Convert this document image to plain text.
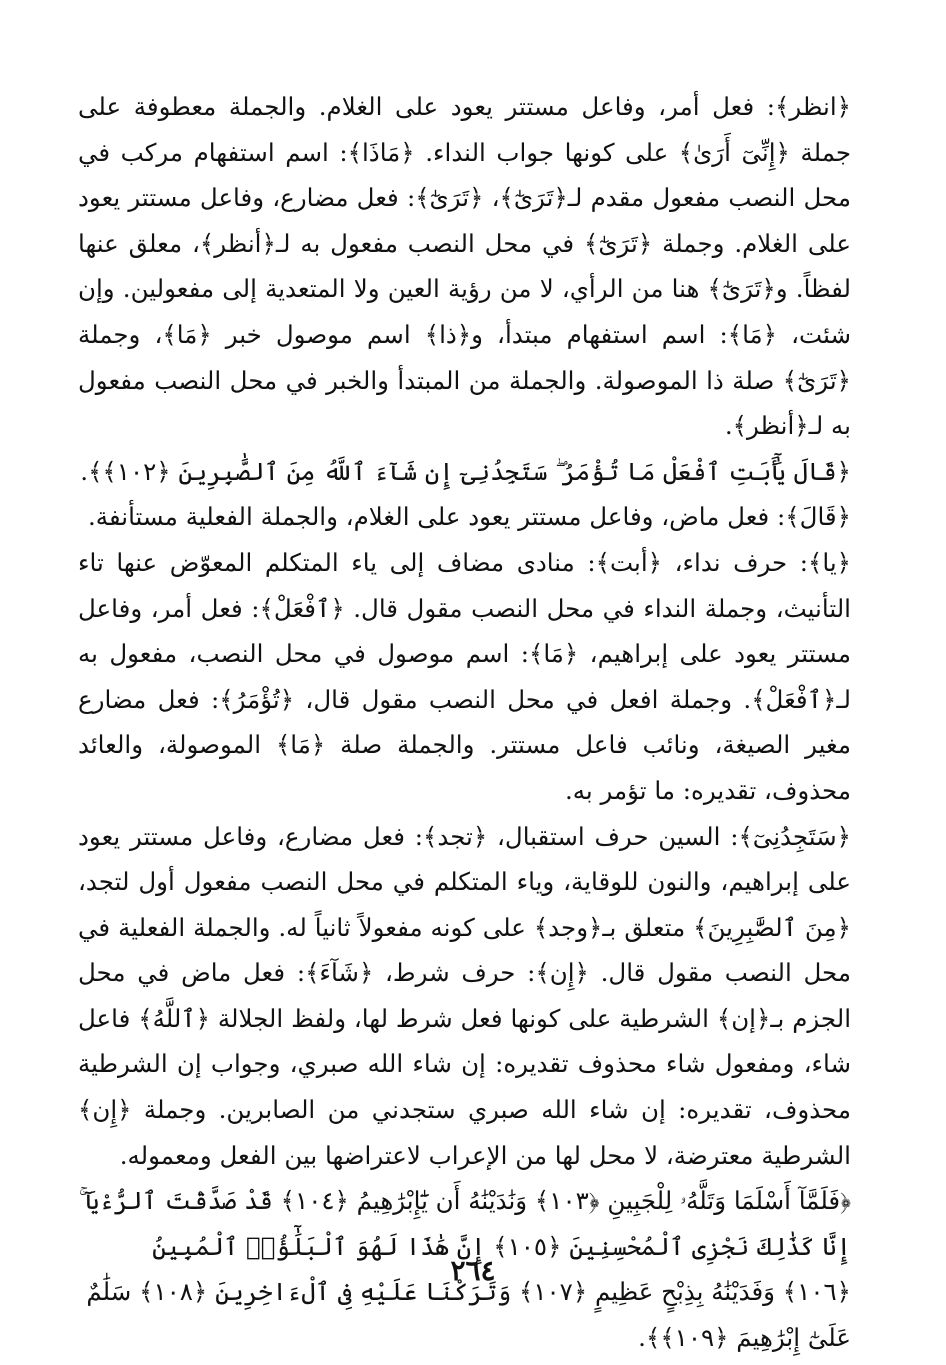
﴿انظر﴾: فعل أمر، وفاعل مستتر يعود على الغلام. والجملة معطوفة على جملة ﴿إِنِّىٓ أَرَىٰ﴾ على كونها جواب النداء. ﴿مَاذَا﴾: اسم استفهام مركب في محل النصب مفعول مقدم لـ﴿تَرَىٰٓ﴾، ﴿تَرَىٰٓ﴾: فعل مضارع، وفاعل مستتر يعود على الغلام. وجملة ﴿تَرَىٰٓ﴾ في محل النصب مفعول به لـ﴿أنظر﴾، معلق عنها لفظاً. و﴿تَرَىٰٓ﴾ هنا من الرأي، لا من رؤية العين ولا المتعدية إلى مفعولين. وإن شئت، ﴿مَا﴾: اسم استفهام مبتدأ، و﴿ذا﴾ اسم موصول خبر ﴿مَا﴾، وجملة ﴿تَرَىٰٓ﴾ صلة ذا الموصولة. والجملة من المبتدأ والخبر في محل النصب مفعول به لـ﴿أنظر﴾.

﴿قَالَ يَٰٓأَبَتِ ٱفْعَلْ مَا تُؤْمَرُ ۖ سَتَجِدُنِىٓ إِن شَآءَ ٱللَّهُ مِنَ ٱلصَّٰبِرِينَ ﴿١٠٢﴾﴾.

﴿قَالَ﴾: فعل ماض، وفاعل مستتر يعود على الغلام، والجملة الفعلية مستأنفة.

﴿يا﴾: حرف نداء، ﴿أبت﴾: منادى مضاف إلى ياء المتكلم المعوّض عنها تاء التأنيث، وجملة النداء في محل النصب مقول قال. ﴿ٱفْعَلْ﴾: فعل أمر، وفاعل مستتر يعود على إبراهيم، ﴿مَا﴾: اسم موصول في محل النصب، مفعول به لـ﴿ٱفْعَلْ﴾. وجملة افعل في محل النصب مقول قال، ﴿تُؤْمَرُ﴾: فعل مضارع مغير الصيغة، ونائب فاعل مستتر. والجملة صلة ﴿مَا﴾ الموصولة، والعائد محذوف، تقديره: ما تؤمر به.

﴿سَتَجِدُنِىٓ﴾: السين حرف استقبال، ﴿تجد﴾: فعل مضارع، وفاعل مستتر يعود على إبراهيم، والنون للوقاية، وياء المتكلم في محل النصب مفعول أول لتجد، ﴿مِنَ ٱلصَّٰبِرِينَ﴾ متعلق بـ﴿وجد﴾ على كونه مفعولاً ثانياً له. والجملة الفعلية في محل النصب مقول قال. ﴿إِن﴾: حرف شرط، ﴿شَآءَ﴾: فعل ماض في محل الجزم بـ﴿إن﴾ الشرطية على كونها فعل شرط لها، ولفظ الجلالة ﴿ٱللَّهُ﴾ فاعل شاء، ومفعول شاء محذوف تقديره: إن شاء الله صبري، وجواب إن الشرطية محذوف، تقديره: إن شاء الله صبري ستجدني من الصابرين. وجملة ﴿إِن﴾ الشرطية معترضة، لا محل لها من الإعراب لاعتراضها بين الفعل ومعموله.

﴿فَلَمَّآ أَسْلَمَا وَتَلَّهُۥ لِلْجَبِينِ ﴿١٠٣﴾ وَنَٰدَيْنَٰهُ أَن يَٰٓإِبْرَٰهِيمُ ﴿١٠٤﴾ قَدْ صَدَّقْتَ ٱلرُّءْيَآ ۚ إِنَّا كَذَٰلِكَ نَجْزِى ٱلْمُحْسِنِينَ ﴿١٠٥﴾ إِنَّ هَٰذَا لَهُوَ ٱلْبَلَٰٓؤُا۟ ٱلْمُبِينُ ﴿١٠٦﴾ وَفَدَيْنَٰهُ بِذِبْحٍ عَظِيمٍ ﴿١٠٧﴾ وَتَرَكْنَا عَلَيْهِ فِى ٱلْءَاخِرِينَ ﴿١٠٨﴾ سَلَٰمٌ عَلَىٰٓ إِبْرَٰهِيمَ ﴿١٠٩﴾﴾.

٢٦٤
